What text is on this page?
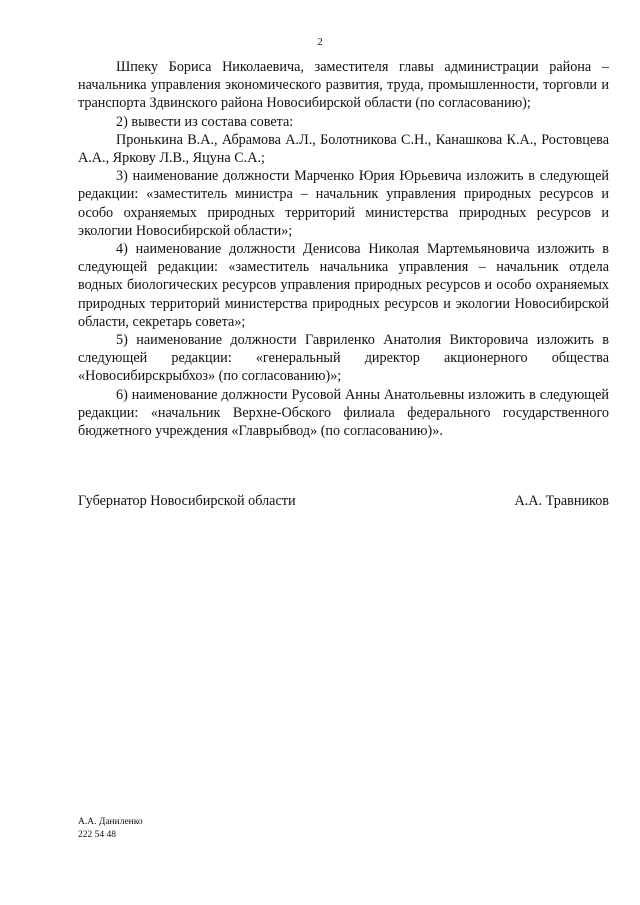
2

Шпеку Бориса Николаевича, заместителя главы администрации района – начальника управления экономического развития, труда, промышленности, торговли и транспорта Здвинского района Новосибирской области (по согласованию);

2) вывести из состава совета:

Пронькина В.А., Абрамова А.Л., Болотникова С.Н., Канашкова К.А., Ростовцева А.А., Яркову Л.В., Яцуна С.А.;

3) наименование должности Марченко Юрия Юрьевича изложить в следующей редакции: «заместитель министра – начальник управления природных ресурсов и особо охраняемых природных территорий министерства природных ресурсов и экологии Новосибирской области»;

4) наименование должности Денисова Николая Мартемьяновича изложить в следующей редакции: «заместитель начальника управления – начальник отдела водных биологических ресурсов управления природных ресурсов и особо охраняемых природных территорий министерства природных ресурсов и экологии Новосибирской области, секретарь совета»;

5) наименование должности Гавриленко Анатолия Викторовича изложить в следующей редакции: «генеральный директор акционерного общества «Новосибирскрыбхоз» (по согласованию)»;

6) наименование должности Русовой Анны Анатольевны изложить в следующей редакции: «начальник Верхне-Обского филиала федерального государственного бюджетного учреждения «Главрыбвод» (по согласованию)».

Губернатор Новосибирской области	А.А. Травников
А.А. Даниленко
222 54 48
